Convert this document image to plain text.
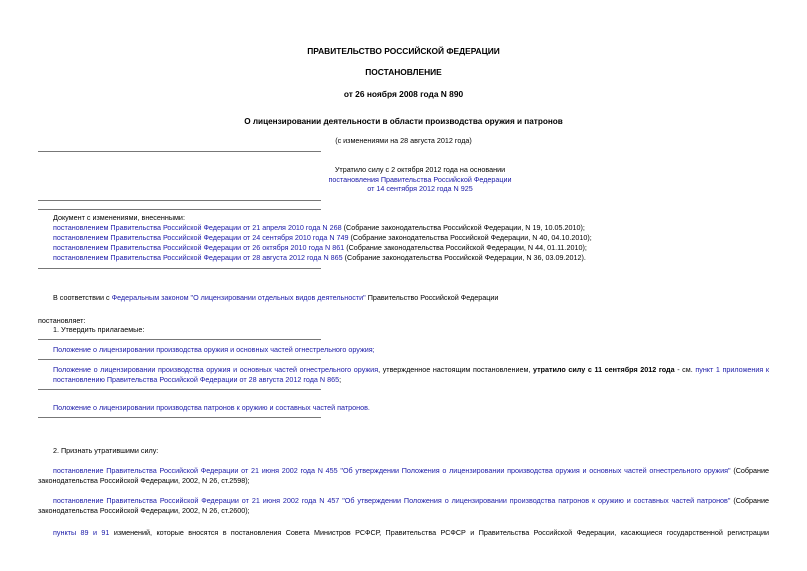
ПРАВИТЕЛЬСТВО РОССИЙСКОЙ ФЕДЕРАЦИИ
ПОСТАНОВЛЕНИЕ
от 26 ноября 2008 года N 890
О лицензировании деятельности в области производства оружия и патронов
(с изменениями на 28 августа 2012 года)
Утратило силу с 2 октября 2012 года на основании
постановления Правительства Российской Федерации
от 14 сентября 2012 года N 925
Документ с изменениями, внесенными:
постановлением Правительства Российской Федерации от 21 апреля 2010 года N 268 (Собрание законодательства Российской Федерации, N 19, 10.05.2010);
постановлением Правительства Российской Федерации от 24 сентября 2010 года N 749 (Собрание законодательства Российской Федерации, N 40, 04.10.2010);
постановлением Правительства Российской Федерации от 26 октября 2010 года N 861 (Собрание законодательства Российской Федерации, N 44, 01.11.2010);
постановлением Правительства Российской Федерации от 28 августа 2012 года N 865 (Собрание законодательства Российской Федерации, N 36, 03.09.2012).
В соответствии с Федеральным законом "О лицензировании отдельных видов деятельности" Правительство Российской Федерации
постановляет:
1. Утвердить прилагаемые:
Положение о лицензировании производства оружия и основных частей огнестрельного оружия;
Положение о лицензировании производства оружия и основных частей огнестрельного оружия, утвержденное настоящим постановлением, утратило силу с 11 сентября 2012 года - см. пункт 1 приложения к
постановлению Правительства Российской Федерации от 28 августа 2012 года N 865;
Положение о лицензировании производства патронов к оружию и составных частей патронов.
2. Признать утратившими силу:
постановление Правительства Российской Федерации от 21 июня 2002 года N 455 "Об утверждении Положения о лицензировании производства оружия и основных частей огнестрельного оружия" (Собрание
законодательства Российской Федерации, 2002, N 26, ст.2598);
постановление Правительства Российской Федерации от 21 июня 2002 года N 457 "Об утверждении Положения о лицензировании производства патронов к оружию и составных частей патронов" (Собрание
законодательства Российской Федерации, 2002, N 26, ст.2600);
пункты 89 и 91 изменений, которые вносятся в постановления Совета Министров РСФСР, Правительства РСФСР и Правительства Российской Федерации, касающиеся государственной регистрации
